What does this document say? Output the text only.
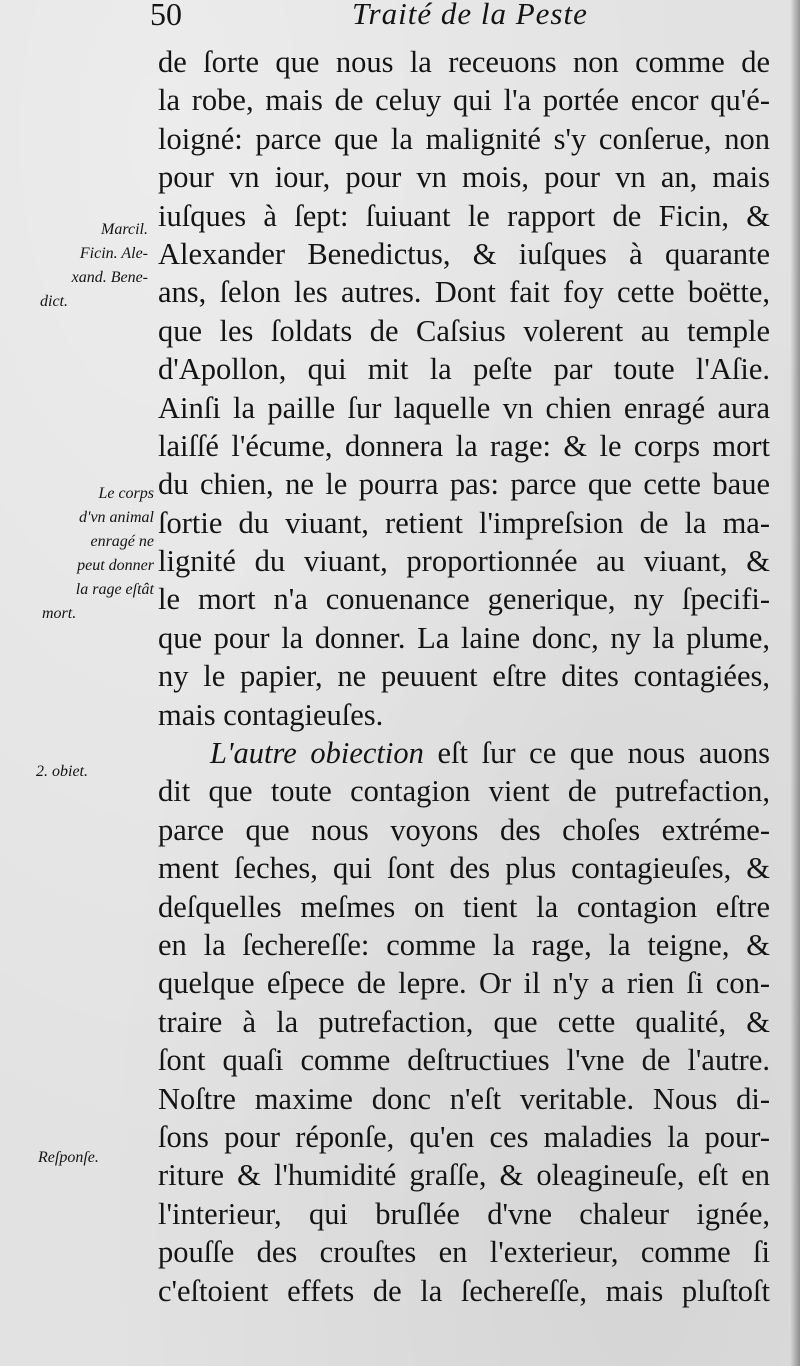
50	Traité de la Peste
Marcil.
Ficin. Ale-
xand. Bene-
dict.
Le corps
d'vn animal
enragé ne
peut donner
la rage eſtât
mort.
2. obiet.
Reſponſe.
de ſorte que nous la receuons non comme de
la robe, mais de celuy qui l'a portée encor qu'é-
loigné: parce que la malignité s'y conſerue, non
pour vn iour, pour vn mois, pour vn an, mais
iuſques à ſept: ſuiuant le rapport de Ficin, &
Alexander Benedictus, & iuſques à quarante
ans, ſelon les autres. Dont fait foy cette boëtte,
que les ſoldats de Caſsius volerent au temple
d'Apollon, qui mit la peſte par toute l'Aſie.
Ainſi la paille ſur laquelle vn chien enragé aura
laiſſé l'écume, donnera la rage: & le corps mort
du chien, ne le pourra pas: parce que cette baue
ſortie du viuant, retient l'impreſsion de la ma-
lignité du viuant, proportionnée au viuant, &
le mort n'a conuenance generique, ny ſpecifi-
que pour la donner. La laine donc, ny la plume,
ny le papier, ne peuuent eſtre dites contagiées,
mais contagieuſes.
L'autre obiection eſt ſur ce que nous auons
dit que toute contagion vient de putrefaction,
parce que nous voyons des choſes extréme-
ment ſeches, qui ſont des plus contagieuſes, &
deſquelles meſmes on tient la contagion eſtre
en la ſechereſſe: comme la rage, la teigne, &
quelque eſpece de lepre. Or il n'y a rien ſi con-
traire à la putrefaction, que cette qualité, &
ſont quaſi comme deſtructiues l'vne de l'autre.
Noſtre maxime donc n'eſt veritable. Nous di-
ſons pour réponſe, qu'en ces maladies la pour-
riture & l'humidité graſſe, & oleagineuſe, eſt en
l'interieur, qui bruſlée d'vne chaleur ignée,
pouſſe des crouſtes en l'exterieur, comme ſi
c'eſtoient effets de la ſechereſſe, mais pluſtoſt
